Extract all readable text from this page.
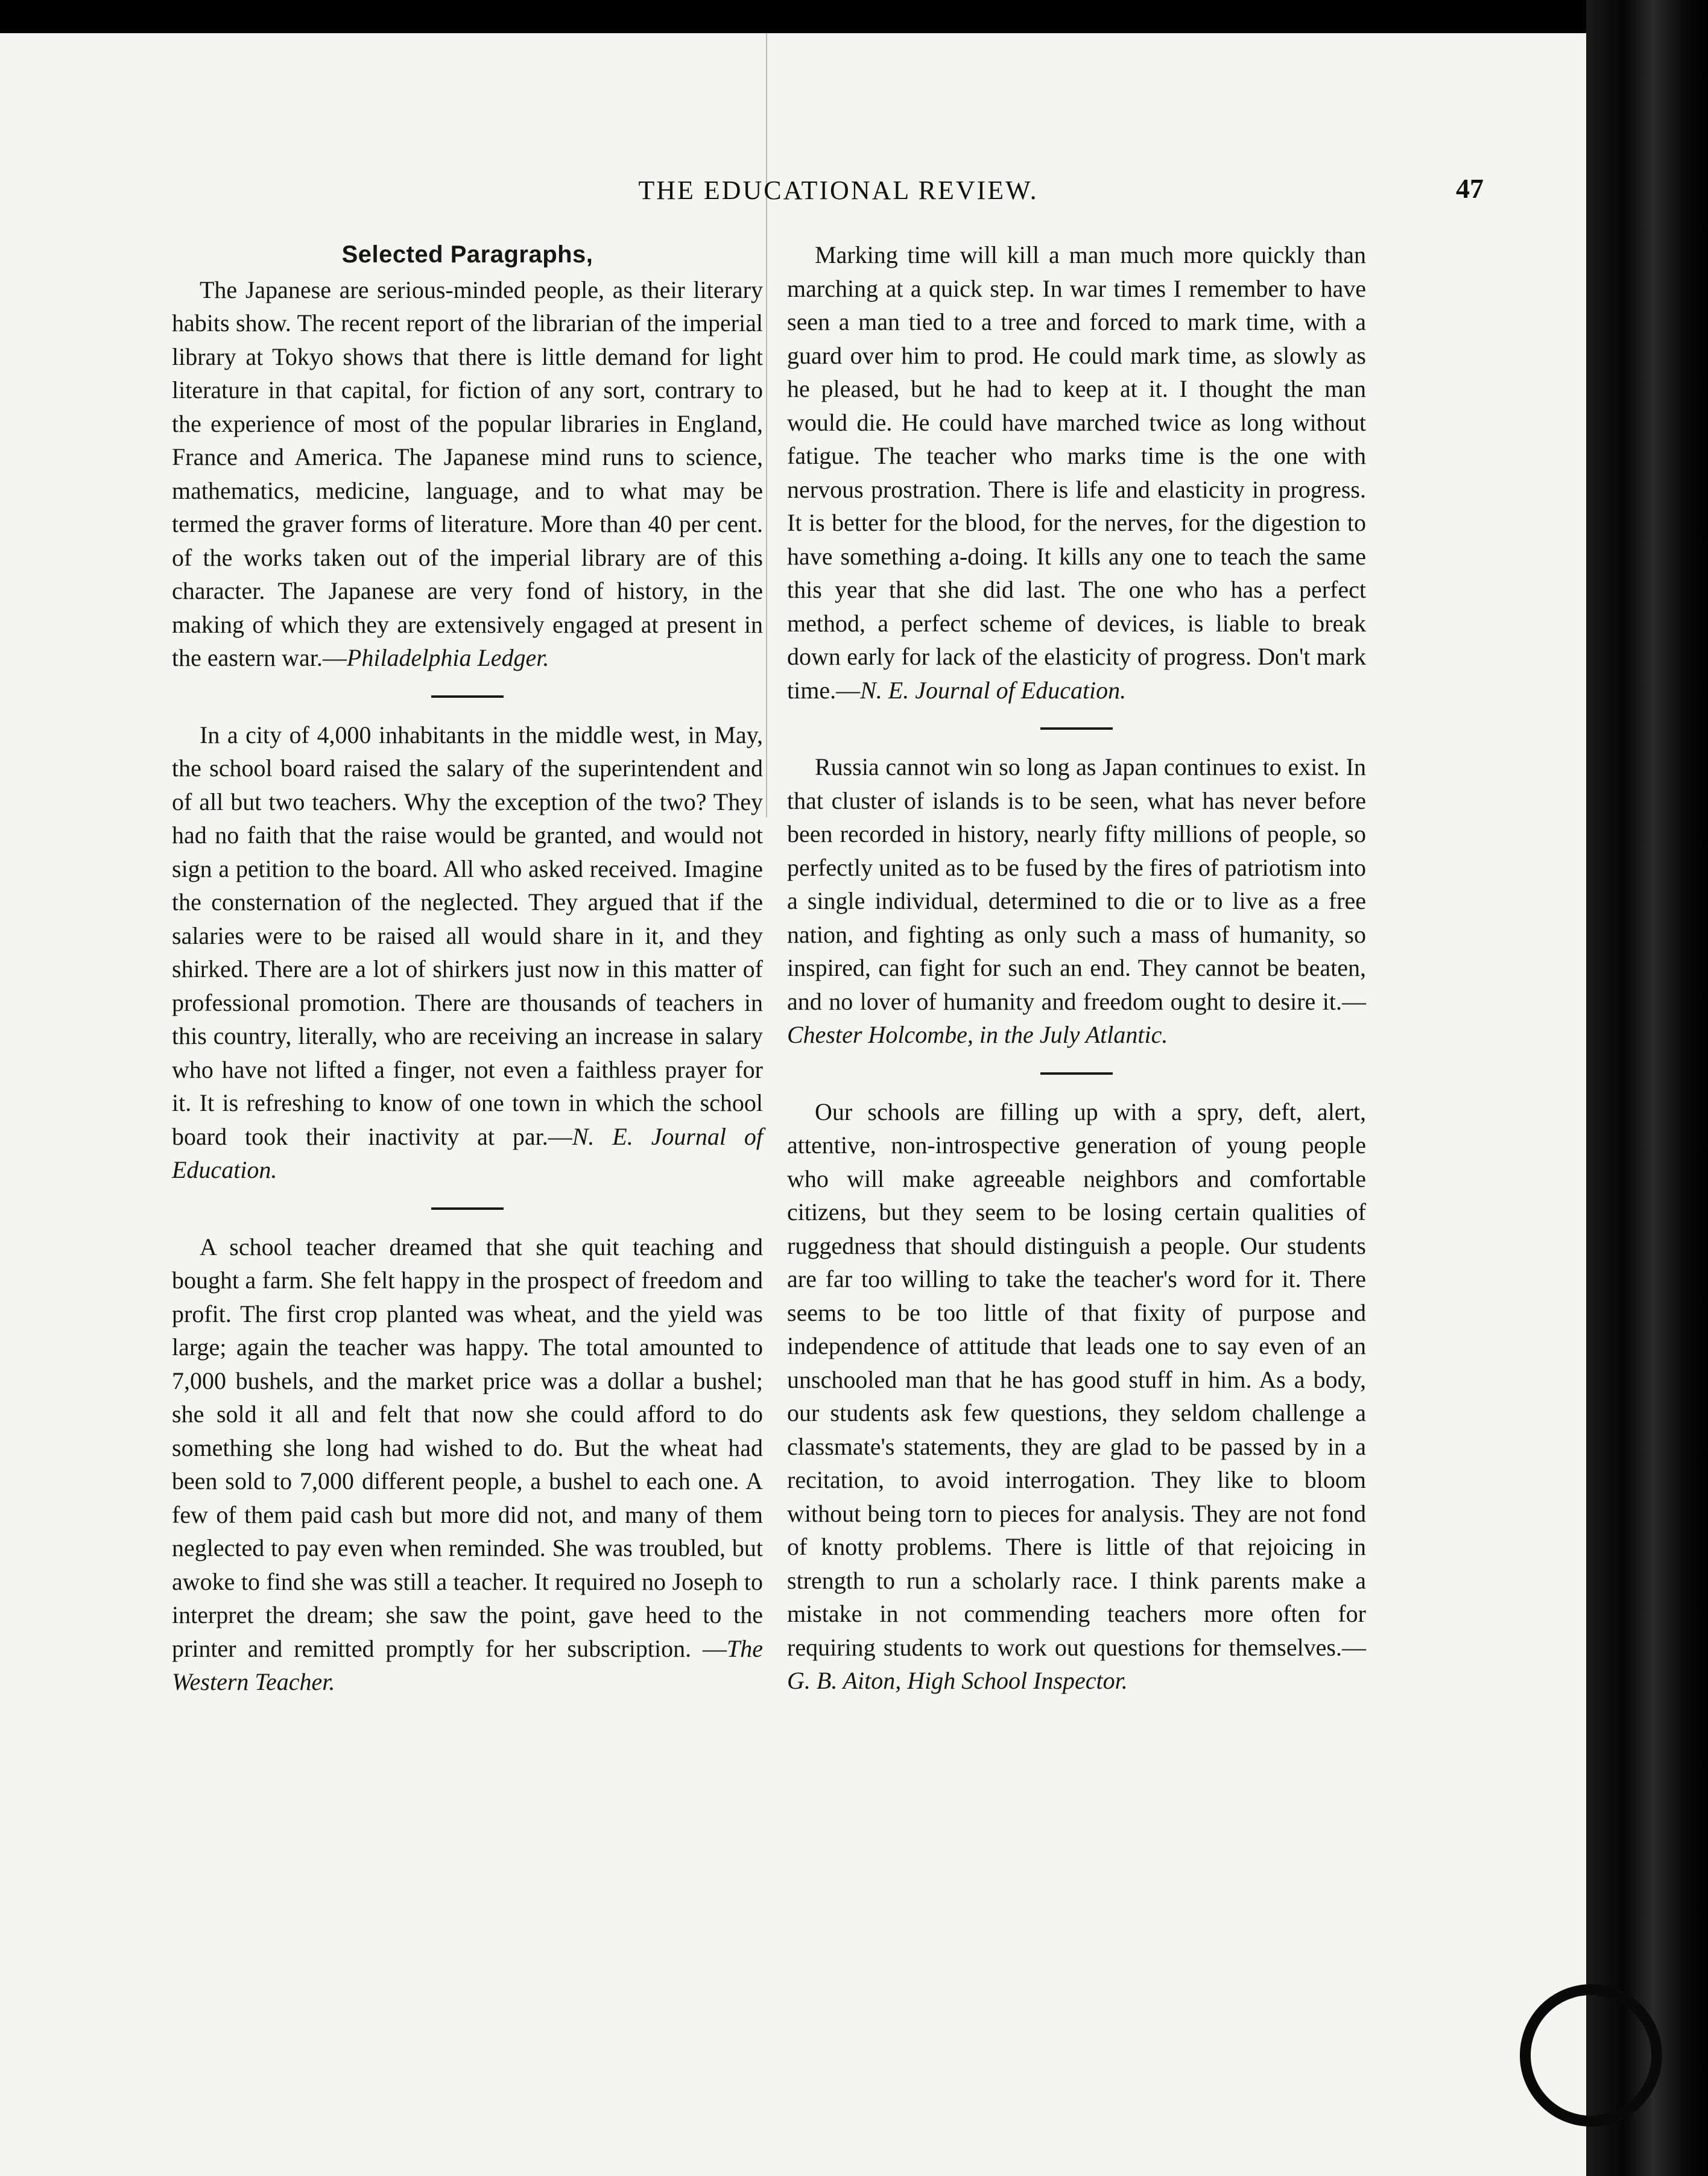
THE EDUCATIONAL REVIEW.	47
Selected Paragraphs,

The Japanese are serious-minded people, as their literary habits show. The recent report of the librarian of the imperial library at Tokyo shows that there is little demand for light literature in that capital, for fiction of any sort, contrary to the experience of most of the popular libraries in England, France and America. The Japanese mind runs to science, mathematics, medicine, language, and to what may be termed the graver forms of literature. More than 40 per cent. of the works taken out of the imperial library are of this character. The Japanese are very fond of history, in the making of which they are extensively engaged at present in the eastern war.—Philadelphia Ledger.

In a city of 4,000 inhabitants in the middle west, in May, the school board raised the salary of the superintendent and of all but two teachers. Why the exception of the two? They had no faith that the raise would be granted, and would not sign a petition to the board. All who asked received. Imagine the consternation of the neglected. They argued that if the salaries were to be raised all would share in it, and they shirked. There are a lot of shirkers just now in this matter of professional promotion. There are thousands of teachers in this country, literally, who are receiving an increase in salary who have not lifted a finger, not even a faithless prayer for it. It is refreshing to know of one town in which the school board took their inactivity at par.—N. E. Journal of Education.

A school teacher dreamed that she quit teaching and bought a farm. She felt happy in the prospect of freedom and profit. The first crop planted was wheat, and the yield was large; again the teacher was happy. The total amounted to 7,000 bushels, and the market price was a dollar a bushel; she sold it all and felt that now she could afford to do something she long had wished to do. But the wheat had been sold to 7,000 different people, a bushel to each one. A few of them paid cash but more did not, and many of them neglected to pay even when reminded. She was troubled, but awoke to find she was still a teacher. It required no Joseph to interpret the dream; she saw the point, gave heed to the printer and remitted promptly for her subscription. —The Western Teacher.

Marking time will kill a man much more quickly than marching at a quick step. In war times I remember to have seen a man tied to a tree and forced to mark time, with a guard over him to prod. He could mark time, as slowly as he pleased, but he had to keep at it. I thought the man would die. He could have marched twice as long without fatigue. The teacher who marks time is the one with nervous prostration. There is life and elasticity in progress. It is better for the blood, for the nerves, for the digestion to have something a-doing. It kills any one to teach the same this year that she did last. The one who has a perfect method, a perfect scheme of devices, is liable to break down early for lack of the elasticity of progress. Don't mark time.—N. E. Journal of Education.

Russia cannot win so long as Japan continues to exist. In that cluster of islands is to be seen, what has never before been recorded in history, nearly fifty millions of people, so perfectly united as to be fused by the fires of patriotism into a single individual, determined to die or to live as a free nation, and fighting as only such a mass of humanity, so inspired, can fight for such an end. They cannot be beaten, and no lover of humanity and freedom ought to desire it.—Chester Holcombe, in the July Atlantic.

Our schools are filling up with a spry, deft, alert, attentive, non-introspective generation of young people who will make agreeable neighbors and comfortable citizens, but they seem to be losing certain qualities of ruggedness that should distinguish a people. Our students are far too willing to take the teacher's word for it. There seems to be too little of that fixity of purpose and independence of attitude that leads one to say even of an unschooled man that he has good stuff in him. As a body, our students ask few questions, they seldom challenge a classmate's statements, they are glad to be passed by in a recitation, to avoid interrogation. They like to bloom without being torn to pieces for analysis. They are not fond of knotty problems. There is little of that rejoicing in strength to run a scholarly race. I think parents make a mistake in not commending teachers more often for requiring students to work out questions for themselves.—G. B. Aiton, High School Inspector.
